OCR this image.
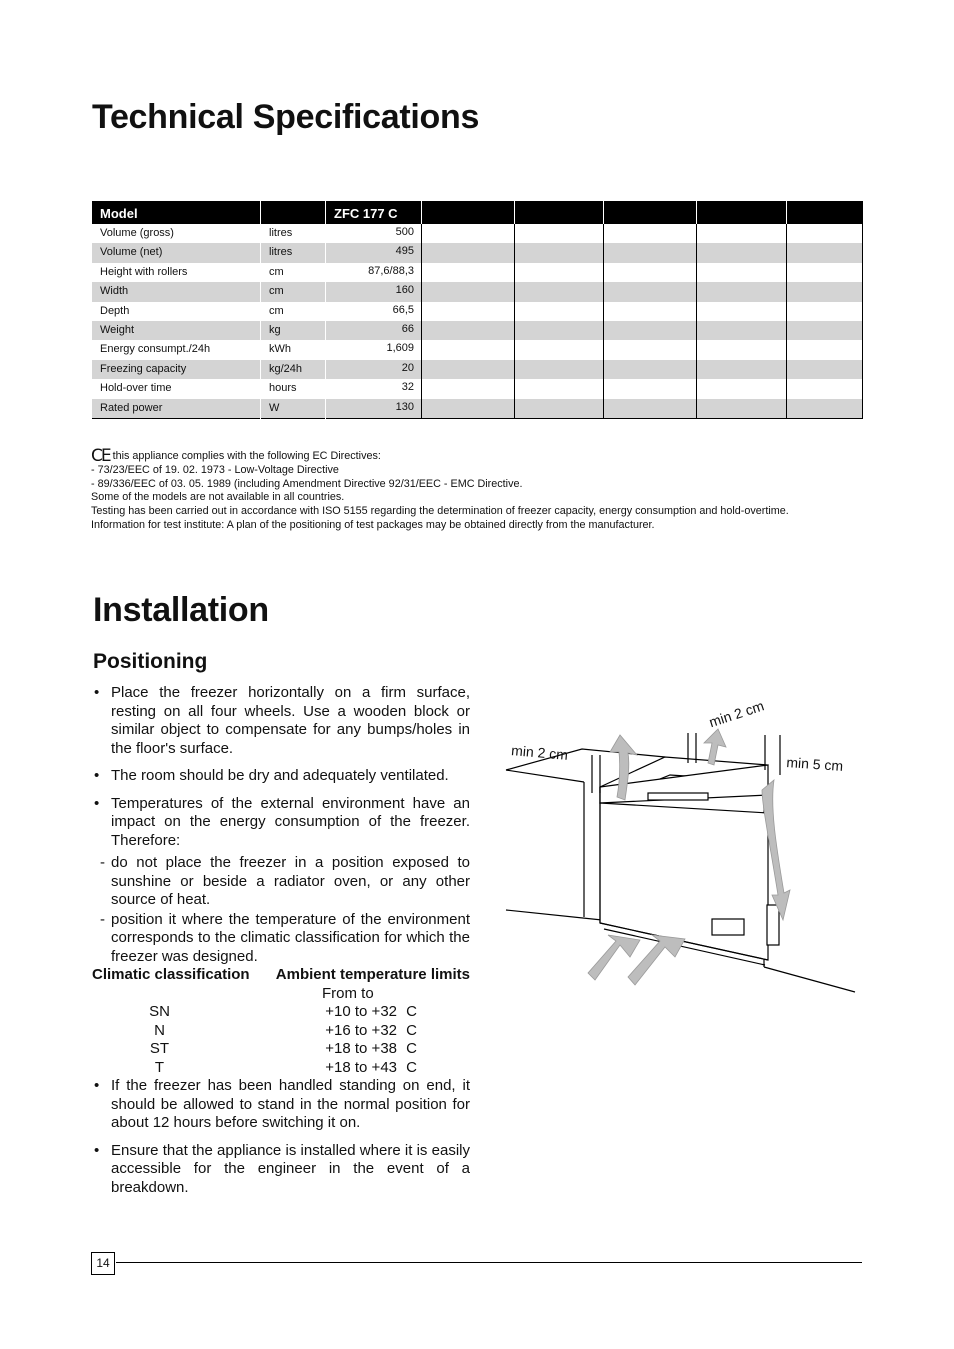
Technical Specifications
Model		ZFC 177 C					
Volume (gross)	litres	500					
Volume (net)	litres	495					
Height with rollers	cm	87,6/88,3					
Width	cm	160					
Depth	cm	66,5					
Weight	kg	66					
Energy consumpt./24h	kWh	1,609					
Freezing capacity	kg/24h	20					
Hold-over time	hours	32					
Rated power	W	130					
CE this appliance complies with the following EC Directives:
- 73/23/EEC of 19. 02. 1973 - Low-Voltage Directive
- 89/336/EEC of 03. 05. 1989 (including Amendment Directive 92/31/EEC - EMC Directive.
Some of the models are not available in all countries.
Testing has been carried out in accordance with ISO 5155 regarding the determination of freezer capacity, energy consumption and hold-overtime.
Information for test institute: A plan of the positioning of test packages may be obtained directly from the manufacturer.
Installation
Positioning
• Place the freezer horizontally on a firm surface, resting on all four wheels. Use a wooden block or similar object to compensate for any bumps/holes in the floor's surface.
• The room should be dry and adequately ventilated.
• Temperatures of the external environment have an impact on the energy consumption of the freezer. Therefore:
- do not place the freezer in a position exposed to sunshine or beside a radiator oven, or any other source of heat.
- position it where the temperature of the environment corresponds to the climatic classification for which the freezer was designed.
Climatic classification Ambient temperature limits
From to
SN	+10 to +32 C
N	+16 to +32 C
ST	+18 to +38 C
T	+18 to +43 C
• If the freezer has been handled standing on end, it should be allowed to stand in the normal position for about 12 hours before switching it on.
• Ensure that the appliance is installed where it is easily accessible for the engineer in the event of a breakdown.
min 2 cm
min 2 cm
min 5 cm
14
